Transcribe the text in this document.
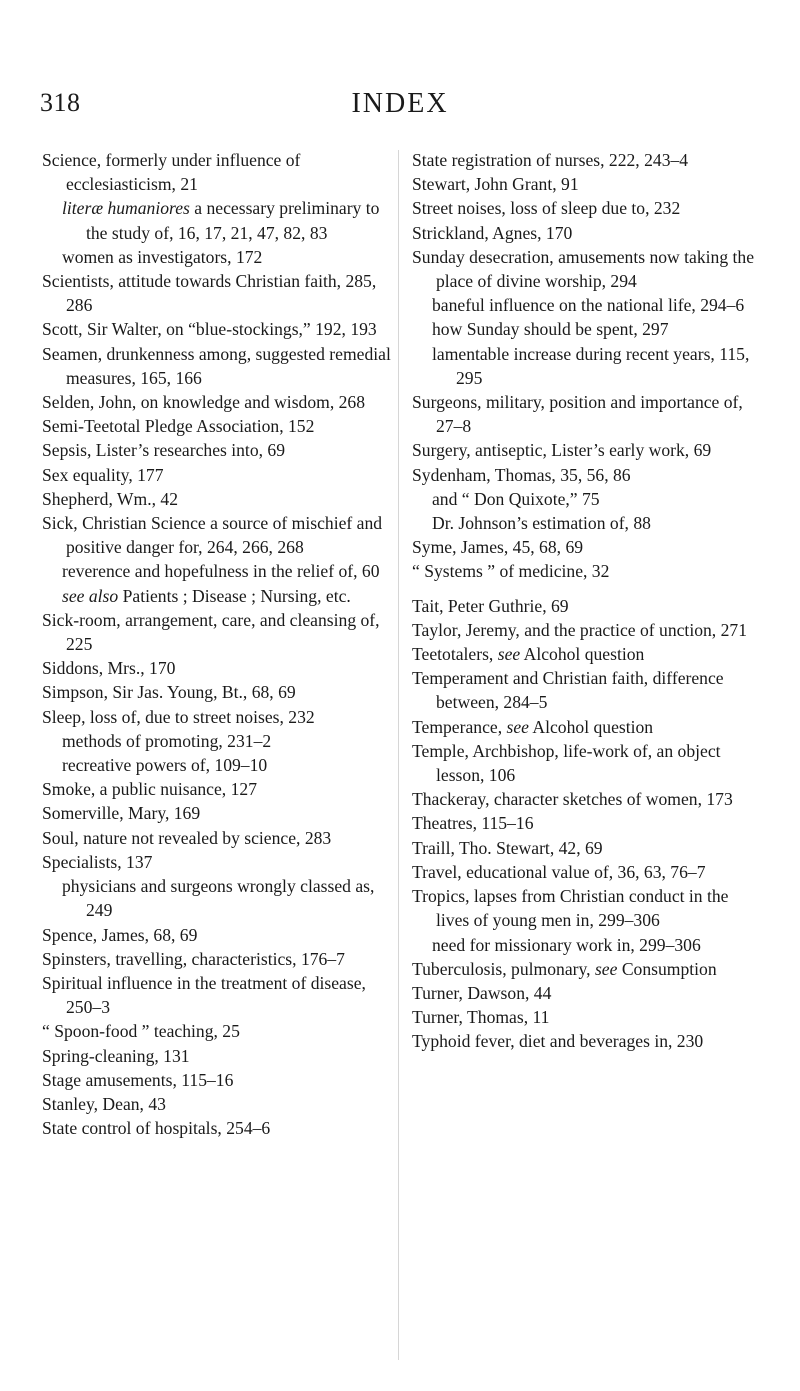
318	INDEX
Science, formerly under influence of ecclesiasticism, 21
literæ humaniores a necessary preliminary to the study of, 16, 17, 21, 47, 82, 83
women as investigators, 172
Scientists, attitude towards Christian faith, 285, 286
Scott, Sir Walter, on “blue-stockings,” 192, 193
Seamen, drunkenness among, suggested remedial measures, 165, 166
Selden, John, on knowledge and wisdom, 268
Semi-Teetotal Pledge Association, 152
Sepsis, Lister’s researches into, 69
Sex equality, 177
Shepherd, Wm., 42
Sick, Christian Science a source of mischief and positive danger for, 264, 266, 268
reverence and hopefulness in the relief of, 60
see also Patients ; Disease ; Nursing, etc.
Sick-room, arrangement, care, and cleansing of, 225
Siddons, Mrs., 170
Simpson, Sir Jas. Young, Bt., 68, 69
Sleep, loss of, due to street noises, 232
methods of promoting, 231–2
recreative powers of, 109–10
Smoke, a public nuisance, 127
Somerville, Mary, 169
Soul, nature not revealed by science, 283
Specialists, 137
physicians and surgeons wrongly classed as, 249
Spence, James, 68, 69
Spinsters, travelling, characteristics, 176–7
Spiritual influence in the treatment of disease, 250–3
“ Spoon-food ” teaching, 25
Spring-cleaning, 131
Stage amusements, 115–16
Stanley, Dean, 43
State control of hospitals, 254–6
State registration of nurses, 222, 243–4
Stewart, John Grant, 91
Street noises, loss of sleep due to, 232
Strickland, Agnes, 170
Sunday desecration, amusements now taking the place of divine worship, 294
baneful influence on the national life, 294–6
how Sunday should be spent, 297
lamentable increase during recent years, 115, 295
Surgeons, military, position and importance of, 27–8
Surgery, antiseptic, Lister’s early work, 69
Sydenham, Thomas, 35, 56, 86
and “ Don Quixote,” 75
Dr. Johnson’s estimation of, 88
Syme, James, 45, 68, 69
“ Systems ” of medicine, 32
Tait, Peter Guthrie, 69
Taylor, Jeremy, and the practice of unction, 271
Teetotalers, see Alcohol question
Temperament and Christian faith, difference between, 284–5
Temperance, see Alcohol question
Temple, Archbishop, life-work of, an object lesson, 106
Thackeray, character sketches of women, 173
Theatres, 115–16
Traill, Tho. Stewart, 42, 69
Travel, educational value of, 36, 63, 76–7
Tropics, lapses from Christian conduct in the lives of young men in, 299–306
need for missionary work in, 299–306
Tuberculosis, pulmonary, see Consumption
Turner, Dawson, 44
Turner, Thomas, 11
Typhoid fever, diet and beverages in, 230
